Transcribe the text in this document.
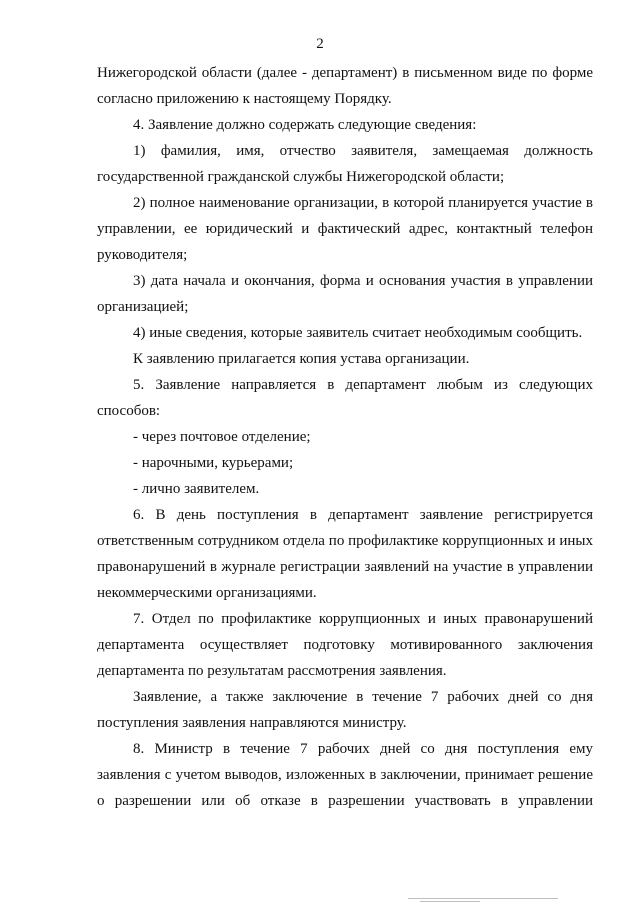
2
Нижегородской области (далее - департамент) в письменном виде по форме
согласно приложению к настоящему Порядку.
4. Заявление должно содержать следующие сведения:
1) фамилия, имя, отчество заявителя, замещаемая должность
государственной гражданской службы Нижегородской области;
2) полное наименование организации, в которой планируется участие в
управлении, ее юридический и фактический адрес, контактный телефон
руководителя;
3) дата начала и окончания, форма и основания участия в управлении
организацией;
4) иные сведения, которые заявитель считает необходимым сообщить.
К заявлению прилагается копия устава организации.
5. Заявление направляется в департамент любым из следующих
способов:
- через почтовое отделение;
- нарочными, курьерами;
- лично заявителем.
6. В день поступления в департамент заявление регистрируется
ответственным сотрудником отдела по профилактике коррупционных и иных
правонарушений в журнале регистрации заявлений на участие в управлении
некоммерческими организациями.
7. Отдел по профилактике коррупционных и иных правонарушений
департамента осуществляет подготовку мотивированного заключения
департамента по результатам рассмотрения заявления.
Заявление, а также заключение в течение 7 рабочих дней со дня
поступления заявления направляются министру.
8. Министр в течение 7 рабочих дней со дня поступления ему
заявления с учетом выводов, изложенных в заключении, принимает решение
о разрешении или об отказе в разрешении участвовать в управлении
